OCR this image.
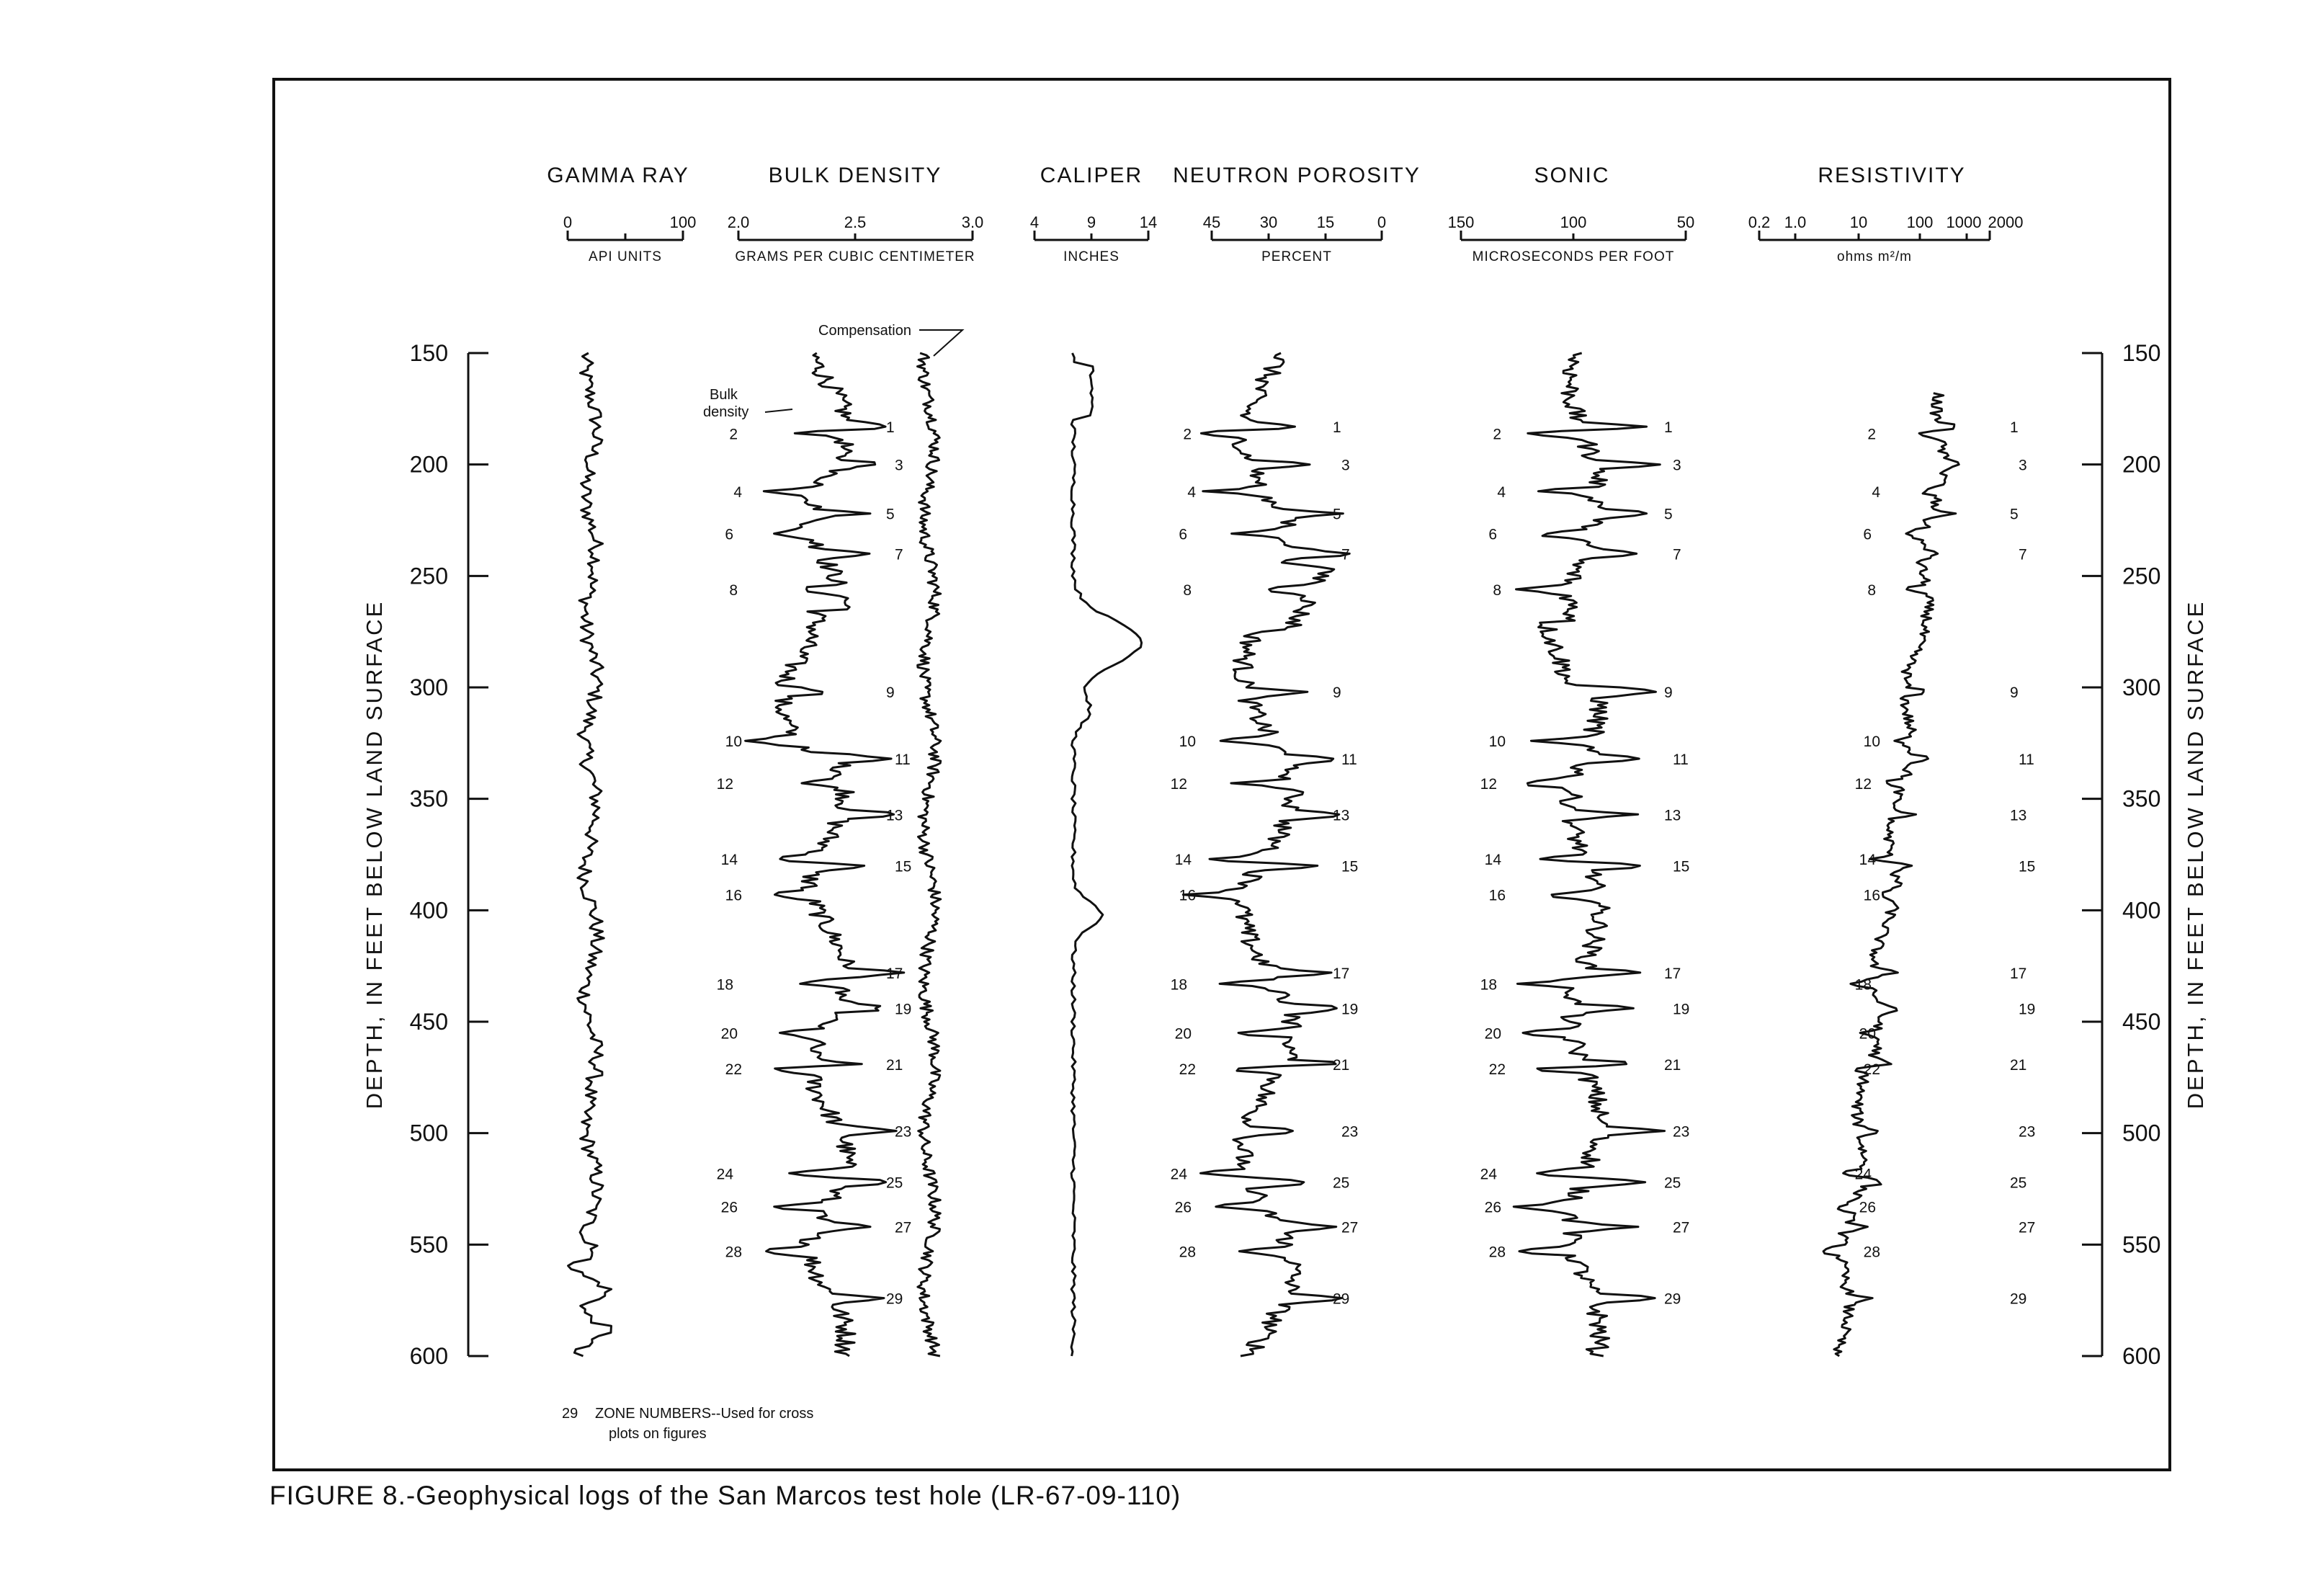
GAMMA RAY	BULK DENSITY	CALIPER NEUTRON POROSITY	SONIC	RESISTIVITY
0	100
API UNITS
2.0	2.5	3.0
GRAMS PER CUBIC CENTIMETER
4	9	14
INCHES
45 30 15	0
PERCENT
150	100	50
MICROSECONDS PER FOOT
0.2 1.0	10 100 1000 2000
ohms m²/m
DEPTH, IN FEET BELOW LAND SURFACE	DEPTH, IN FEET BELOW LAND SURFACE
Compensation
Bulk
density
1
2
3
4
5
6
7
8
9
10
11
12
13
14	15
16
17
18
19
20
21
22
23
24
25
26
27
28
29
1
2
3
4
5
6
7
8
9
10
11
12
13
14	15
16
17
18
19
20
21
22
23
24
25
26
27
28
29
1
2
3
4
5
6
7
8
9
10
11
12
13
14	15
16
17
18
19
20
21
22
23
24
25
26
27
28
29
1
2
3
4
5
6
7
8
9
10
11
12
13
14	15
16
17
18
19
20
21
22
23
24
25
26
27
28
29
150	150
200	200
250	250
300	300
350	350
400	400
450	450
500	500
550	550
600	600
29 ZONE NUMBERS--Used for cross
plots on figures
FIGURE 8.-Geophysical logs of the San Marcos test hole (LR-67-09-110)
